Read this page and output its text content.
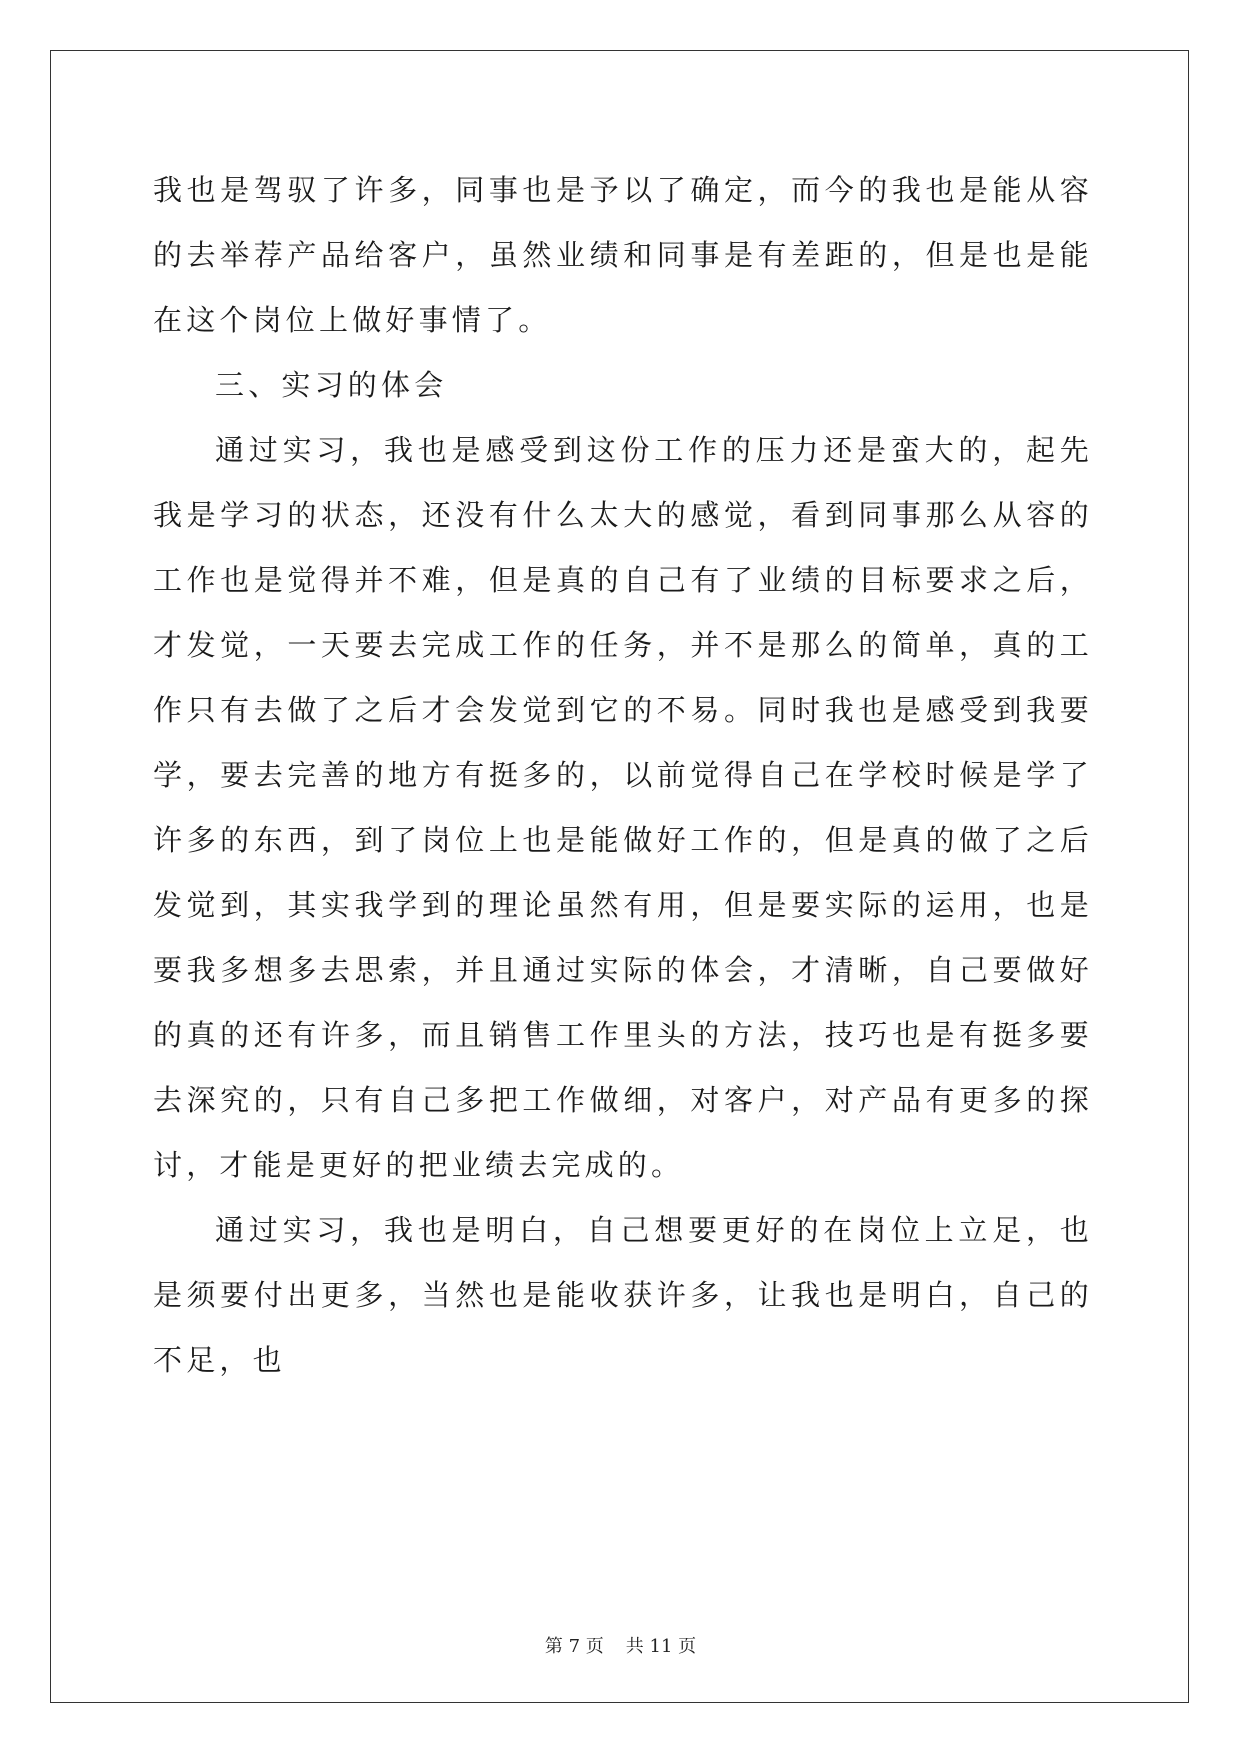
我也是驾驭了许多，同事也是予以了确定，而今的我也是能从容的去举荐产品给客户，虽然业绩和同事是有差距的，但是也是能在这个岗位上做好事情了。

三、实习的体会

通过实习，我也是感受到这份工作的压力还是蛮大的，起先我是学习的状态，还没有什么太大的感觉，看到同事那么从容的工作也是觉得并不难，但是真的自己有了业绩的目标要求之后，才发觉，一天要去完成工作的任务，并不是那么的简单，真的工作只有去做了之后才会发觉到它的不易。同时我也是感受到我要学，要去完善的地方有挺多的，以前觉得自己在学校时候是学了许多的东西，到了岗位上也是能做好工作的，但是真的做了之后发觉到，其实我学到的理论虽然有用，但是要实际的运用，也是要我多想多去思索，并且通过实际的体会，才清晰，自己要做好的真的还有许多，而且销售工作里头的方法，技巧也是有挺多要去深究的，只有自己多把工作做细，对客户，对产品有更多的探讨，才能是更好的把业绩去完成的。

通过实习，我也是明白，自己想要更好的在岗位上立足，也是须要付出更多，当然也是能收获许多，让我也是明白，自己的不足，也

第 7 页 共 11 页
